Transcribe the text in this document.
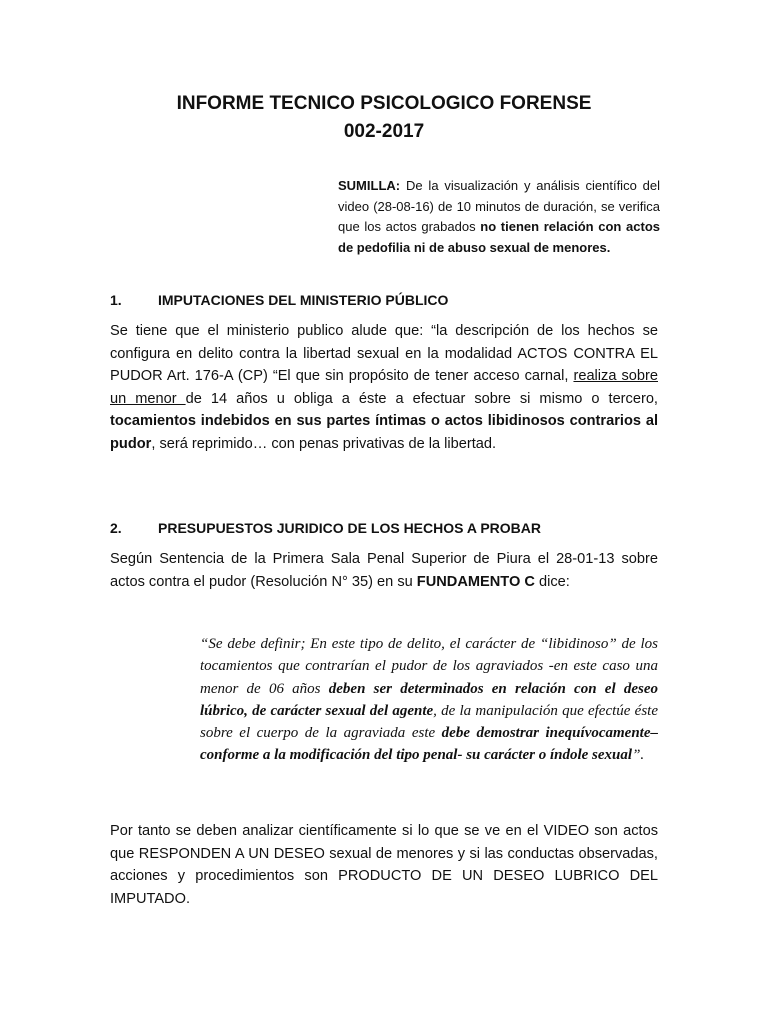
INFORME TECNICO PSICOLOGICO FORENSE
002-2017
SUMILLA: De la visualización y análisis científico del video (28-08-16) de 10 minutos de duración, se verifica que los actos grabados no tienen relación con actos de pedofilia ni de abuso sexual de menores.
1.	IMPUTACIONES DEL MINISTERIO PÚBLICO
Se tiene que el ministerio publico alude que: “la descripción de los hechos se configura en delito contra la libertad sexual en la modalidad ACTOS CONTRA EL PUDOR Art. 176-A (CP) “El que sin propósito de tener acceso carnal, realiza sobre un menor de 14 años u obliga a éste a efectuar sobre si mismo o tercero, tocamientos indebidos en sus partes íntimas o actos libidinosos contrarios al pudor, será reprimido… con penas privativas de la libertad.
2.	PRESUPUESTOS JURIDICO DE LOS HECHOS A PROBAR
Según Sentencia de la Primera Sala Penal Superior de Piura el 28-01-13 sobre actos contra el pudor (Resolución N° 35) en su FUNDAMENTO C dice:
“Se debe definir; En este tipo de delito, el carácter de “libidinoso” de los tocamientos que contrarían el pudor de los agraviados -en este caso una menor de 06 años deben ser determinados en relación con el deseo lúbrico, de carácter sexual del agente, de la manipulación que efectúe éste sobre el cuerpo de la agraviada este debe demostrar inequívocamente– conforme a la modificación del tipo penal- su carácter o índole sexual”.
Por tanto se deben analizar científicamente si lo que se ve en el VIDEO son actos que RESPONDEN A UN DESEO sexual de menores y si las conductas observadas, acciones y procedimientos son PRODUCTO DE UN DESEO LUBRICO DEL IMPUTADO.
